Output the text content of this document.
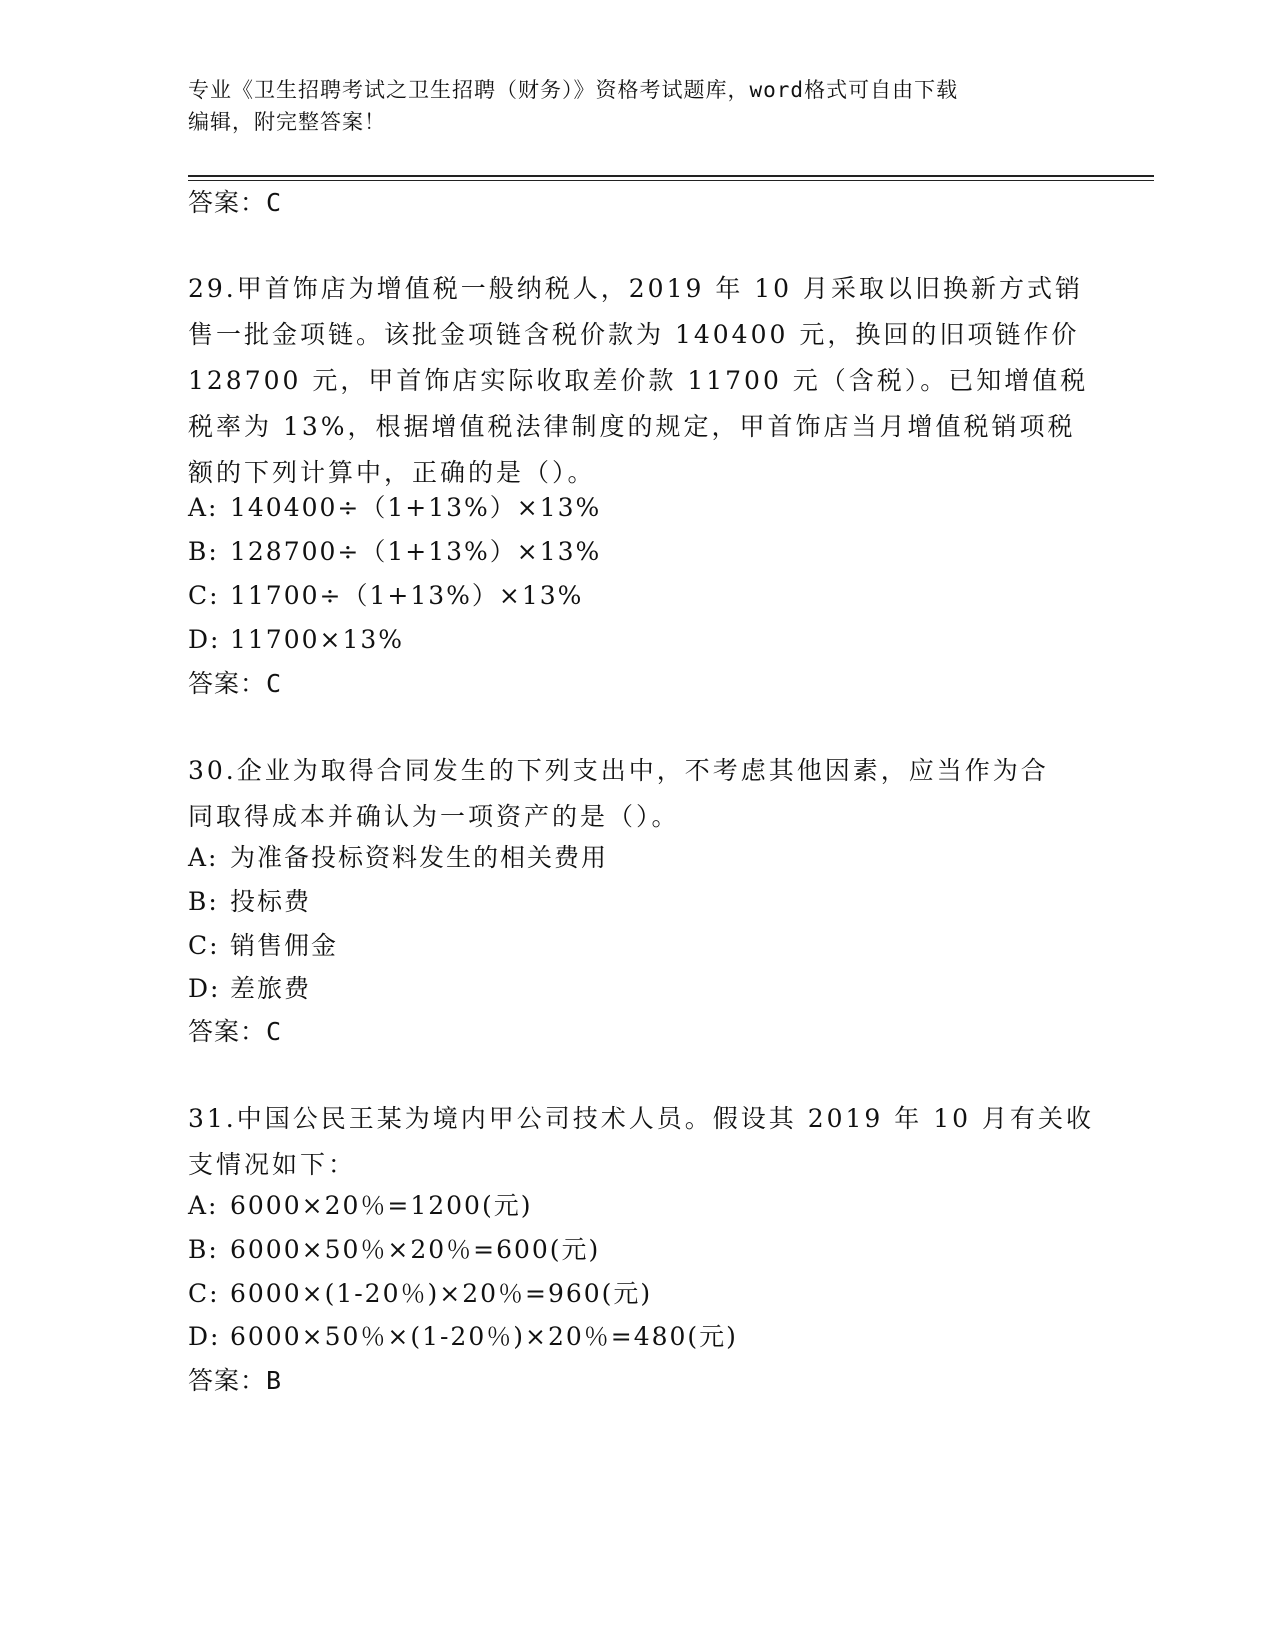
专业《卫生招聘考试之卫生招聘（财务）》资格考试题库，word格式可自由下载
编辑，附完整答案！
答案：C
29.甲首饰店为增值税一般纳税人，2019 年 10 月采取以旧换新方式销
售一批金项链。该批金项链含税价款为 140400 元，换回的旧项链作价
128700 元，甲首饰店实际收取差价款 11700 元（含税）。已知增值税
税率为 13%，根据增值税法律制度的规定，甲首饰店当月增值税销项税
额的下列计算中，正确的是（）。
A: 140400÷（1+13%）×13%
B: 128700÷（1+13%）×13%
C: 11700÷（1+13%）×13%
D: 11700×13%
答案：C
30.企业为取得合同发生的下列支出中，不考虑其他因素，应当作为合
同取得成本并确认为一项资产的是（）。
A: 为准备投标资料发生的相关费用
B: 投标费
C: 销售佣金
D: 差旅费
答案：C
31.中国公民王某为境内甲公司技术人员。假设其 2019 年 10 月有关收
支情况如下：
A: 6000×20％=1200(元)
B: 6000×50％×20％=600(元)
C: 6000×(1-20％)×20％=960(元)
D: 6000×50％×(1-20％)×20％=480(元)
答案：B
